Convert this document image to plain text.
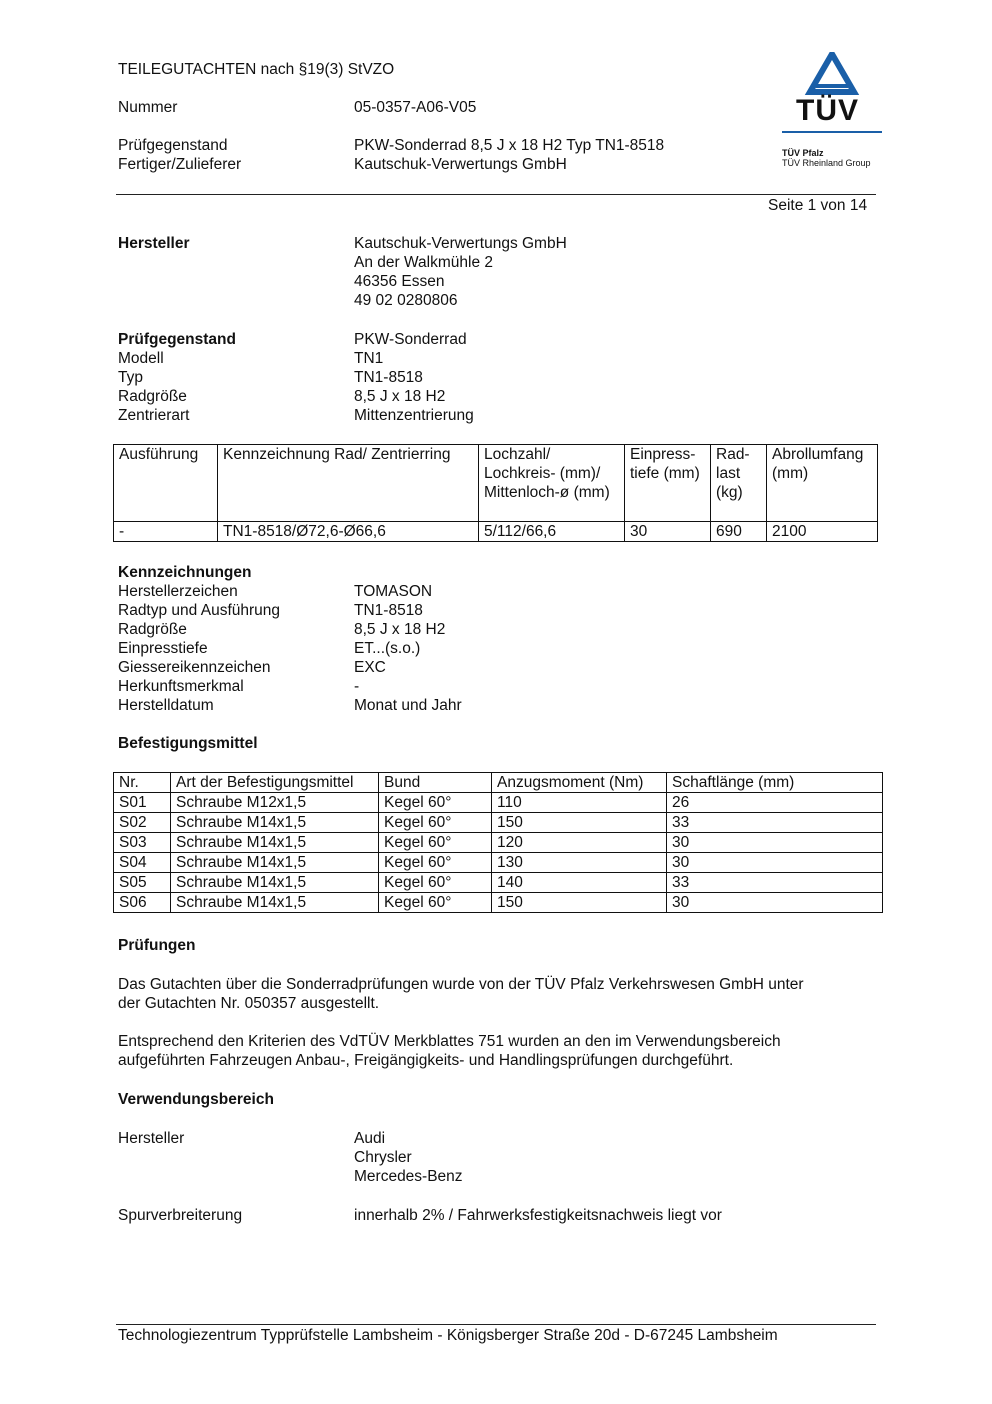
TEILEGUTACHTEN nach §19(3) StVZO
Nummer	05-0357-A06-V05
Prüfgegenstand	PKW-Sonderrad 8,5 J x 18 H2 Typ TN1-8518
Fertiger/Zulieferer	Kautschuk-Verwertungs GmbH
TÜV
TÜV Pfalz
TÜV Rheinland Group
Seite 1 von 14
Hersteller	Kautschuk-Verwertungs GmbH
An der Walkmühle 2
46356 Essen
49 02 0280806
Prüfgegenstand	PKW-Sonderrad
Modell	TN1
Typ	TN1-8518
Radgröße	8,5 J x 18 H2
Zentrierart	Mittenzentrierung
Ausführung	Kennzeichnung Rad/ Zentrierring	Lochzahl/ Lochkreis- (mm)/ Mittenloch-ø (mm)	Einpress-tiefe (mm)	Rad-last (kg)	Abrollumfang (mm)
-	TN1-8518/Ø72,6-Ø66,6	5/112/66,6	30	690	2100
Kennzeichnungen
Herstellerzeichen	TOMASON
Radtyp und Ausführung	TN1-8518
Radgröße	8,5 J x 18 H2
Einpresstiefe	ET...(s.o.)
Giessereikennzeichen	EXC
Herkunftsmerkmal	-
Herstelldatum	Monat und Jahr
Befestigungsmittel
Nr.	Art der Befestigungsmittel	Bund	Anzugsmoment (Nm)	Schaftlänge (mm)
S01	Schraube M12x1,5	Kegel 60°	110	26
S02	Schraube M14x1,5	Kegel 60°	150	33
S03	Schraube M14x1,5	Kegel 60°	120	30
S04	Schraube M14x1,5	Kegel 60°	130	30
S05	Schraube M14x1,5	Kegel 60°	140	33
S06	Schraube M14x1,5	Kegel 60°	150	30
Prüfungen
Das Gutachten über die Sonderradprüfungen wurde von der TÜV Pfalz Verkehrswesen GmbH unter
der Gutachten Nr. 050357 ausgestellt.
Entsprechend den Kriterien des VdTÜV Merkblattes 751 wurden an den im Verwendungsbereich
aufgeführten Fahrzeugen Anbau-, Freigängigkeits- und Handlingsprüfungen durchgeführt.
Verwendungsbereich
Hersteller	Audi
Chrysler
Mercedes-Benz
Spurverbreiterung	innerhalb 2% / Fahrwerksfestigkeitsnachweis liegt vor
Technologiezentrum Typprüfstelle Lambsheim - Königsberger Straße 20d - D-67245 Lambsheim
